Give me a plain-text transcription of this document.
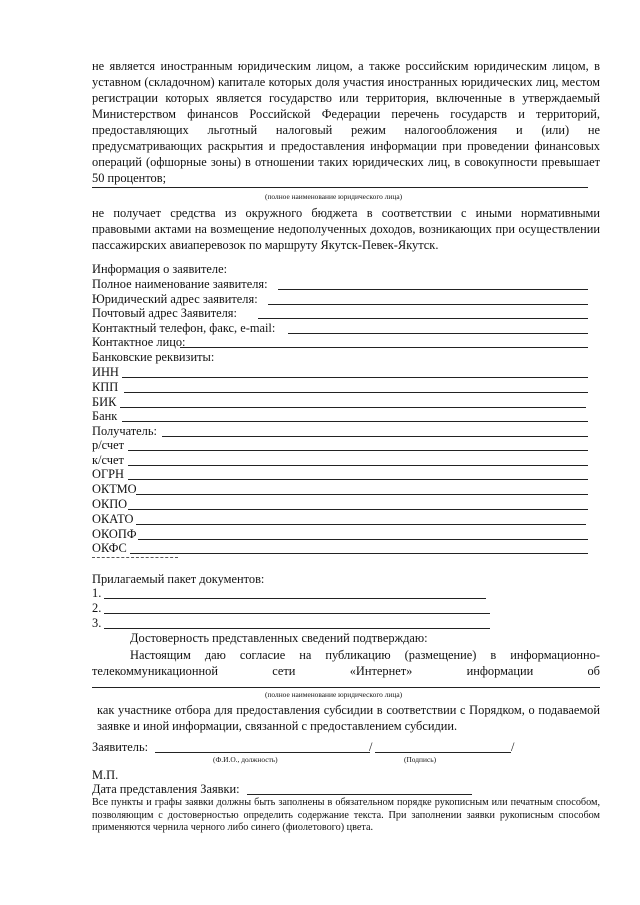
не является иностранным юридическим лицом, а также российским юридическим лицом, в уставном (складочном) капитале которых доля участия иностранных юридических лиц, местом регистрации которых является государство или территория, включенные в утверждаемый Министерством финансов Российской Федерации перечень государств и территорий, предоставляющих льготный налоговый режим налогообложения и (или) не предусматривающих раскрытия и предоставления информации при проведении финансовых операций (офшорные зоны) в отношении таких юридических лиц, в совокупности превышает 50 процентов;
(полное наименование юридического лица)
не получает средства из окружного бюджета в соответствии с иными нормативными правовыми актами на возмещение недополученных доходов, возникающих при осуществлении пассажирских авиаперевозок по маршруту Якутск-Певек-Якутск.
Информация о заявителе:
Полное наименование заявителя:
Юридический адрес заявителя:
Почтовый адрес Заявителя:
Контактный телефон, факс, e-mail:
Контактное лицо:
Банковские реквизиты:
ИНН
КПП
БИК
Банк
Получатель:
р/счет
к/счет
ОГРН
ОКТМО
ОКПО
ОКАТО
ОКОПФ
ОКФС
Прилагаемый пакет документов:
1.
2.
3.
Достоверность представленных сведений подтверждаю:
Настоящим даю согласие на публикацию (размещение) в информационно-телекоммуникационной сети «Интернет» информации об
(полное наименование юридического лица)
как участнике отбора для предоставления субсидии в соответствии с Порядком, о подаваемой заявке и иной информации, связанной с предоставлением субсидии.
Заявитель:	/	/
(Ф.И.О., должность)	(Подпись)
М.П.
Дата представления Заявки:
Все пункты и графы заявки должны быть заполнены в обязательном порядке рукописным или печатным способом, позволяющим с достоверностью определить содержание текста. При заполнении заявки рукописным способом применяются чернила черного либо синего (фиолетового) цвета.
